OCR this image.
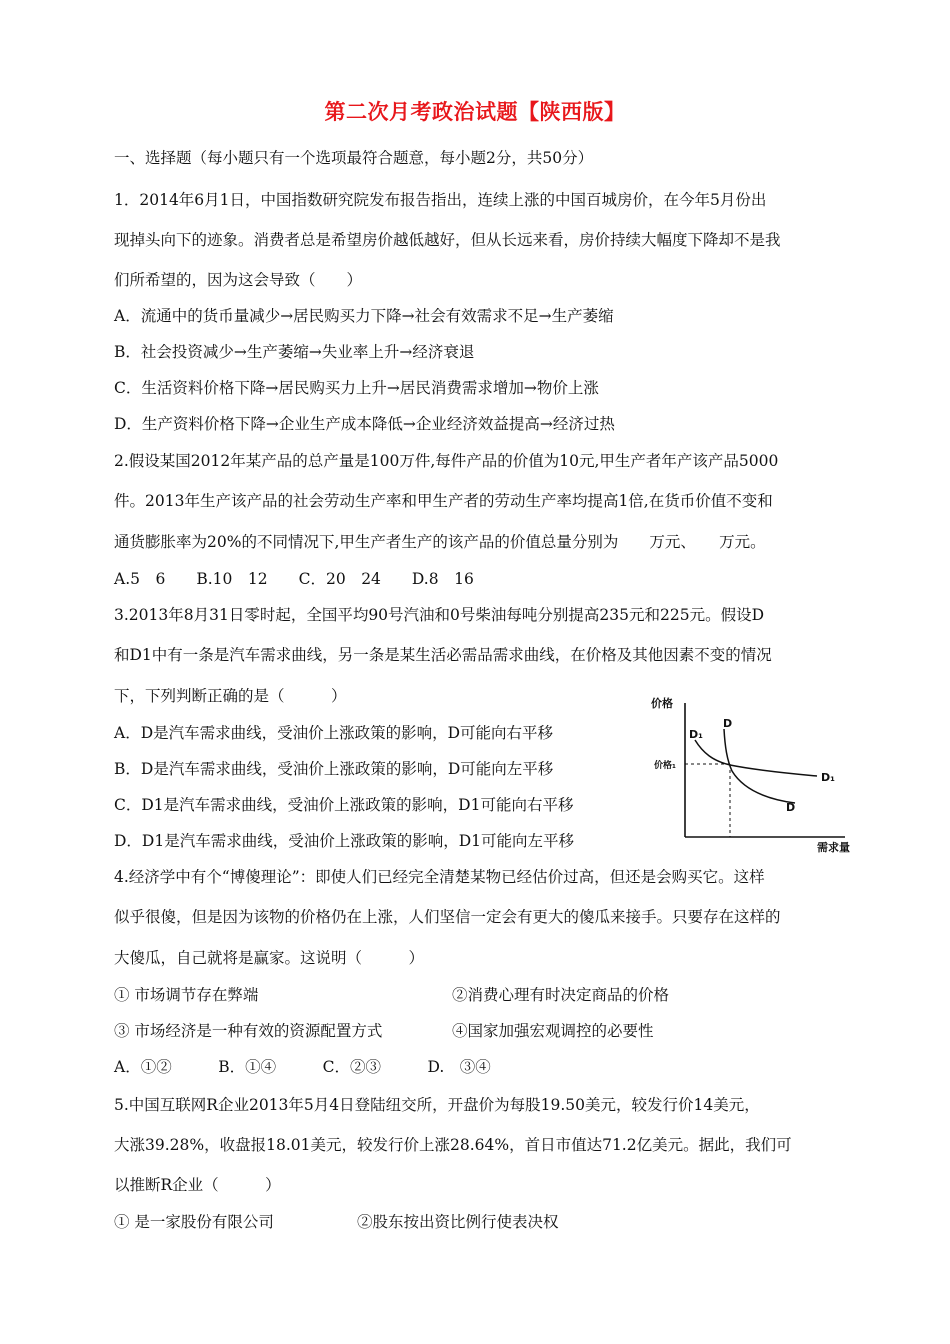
第二次月考政治试题【陕西版】
一、选择题（每小题只有一个选项最符合题意，每小题2分，共50分）
1．2014年6月1日，中国指数研究院发布报告指出，连续上涨的中国百城房价，在今年5月份出
现掉头向下的迹象。消费者总是希望房价越低越好，但从长远来看，房价持续大幅度下降却不是我
们所希望的，因为这会导致（　　）
A．流通中的货币量减少→居民购买力下降→社会有效需求不足→生产萎缩
B．社会投资减少→生产萎缩→失业率上升→经济衰退
C．生活资料价格下降→居民购买力上升→居民消费需求增加→物价上涨
D．生产资料价格下降→企业生产成本降低→企业经济效益提高→经济过热
2.假设某国2012年某产品的总产量是100万件,每件产品的价值为10元,甲生产者年产该产品5000
件。2013年生产该产品的社会劳动生产率和甲生产者的劳动生产率均提高1倍,在货币价值不变和
通货膨胀率为20%的不同情况下,甲生产者生产的该产品的价值总量分别为　　万元、　　万元。
A.5　6　　B.10　12　　C．20　24　　D.8　16
3.2013年8月31日零时起，全国平均90号汽油和0号柴油每吨分别提高235元和225元。假设D
和D1中有一条是汽车需求曲线，另一条是某生活必需品需求曲线，在价格及其他因素不变的情况
下，下列判断正确的是（　　　）
A．D是汽车需求曲线，受油价上涨政策的影响，D可能向右平移
B．D是汽车需求曲线，受油价上涨政策的影响，D可能向左平移
C．D1是汽车需求曲线，受油价上涨政策的影响，D1可能向右平移
D．D1是汽车需求曲线，受油价上涨政策的影响，D1可能向左平移
4.经济学中有个“博傻理论”：即使人们已经完全清楚某物已经估价过高，但还是会购买它。这样
似乎很傻，但是因为该物的价格仍在上涨，人们坚信一定会有更大的傻瓜来接手。只要存在这样的
大傻瓜，自己就将是赢家。这说明（　　　）
① 市场调节存在弊端	②消费心理有时决定商品的价格
③ 市场经济是一种有效的资源配置方式	④国家加强宏观调控的必要性
A．①②　　　B．①④　　　C．②③　　　D.　③④
5.中国互联网R企业2013年5月4日登陆纽交所，开盘价为每股19.50美元，较发行价14美元，
大涨39.28%，收盘报18.01美元，较发行价上涨28.64%，首日市值达71.2亿美元。据此，我们可
以推断R企业（　　　）
① 是一家股份有限公司	②股东按出资比例行使表决权
价格
需求量
价格₁
D
D₁
D₁
D
